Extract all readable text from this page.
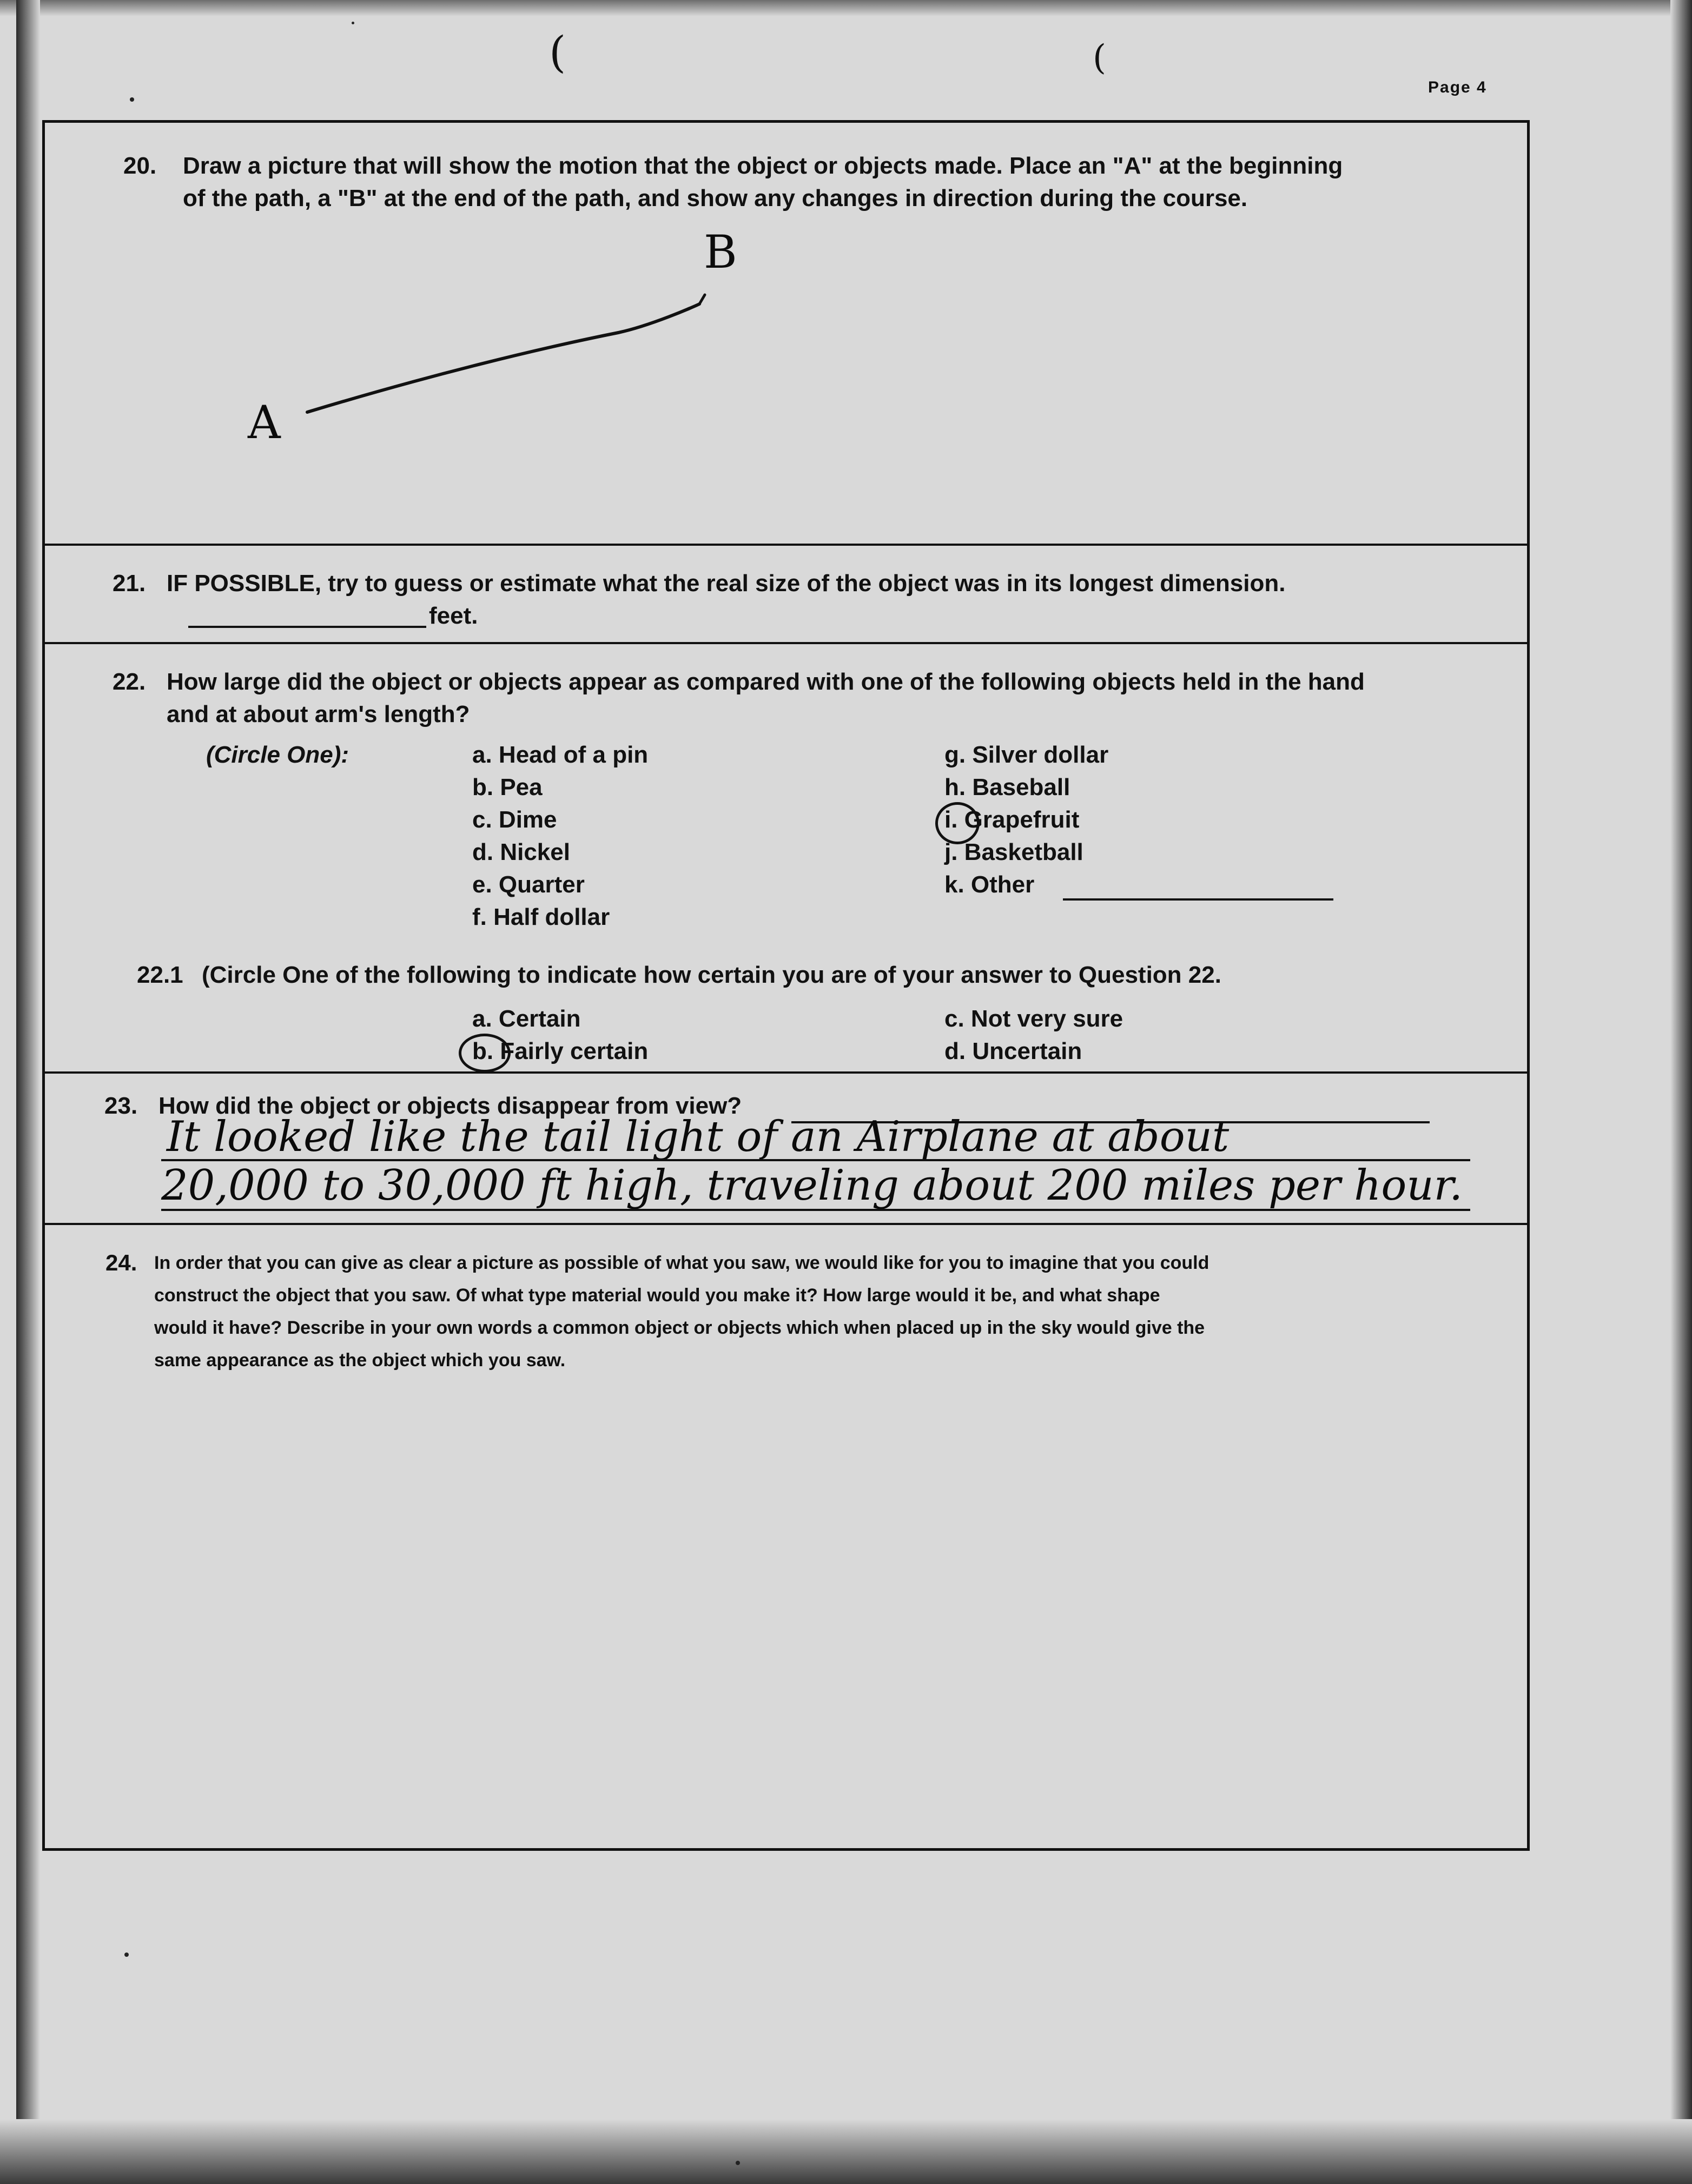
(	(
Page 4
20. Draw a picture that will show the motion that the object or objects made. Place an "A" at the beginning
of the path, a "B" at the end of the path, and show any changes in direction during the course.
A
B
21. IF POSSIBLE, try to guess or estimate what the real size of the object was in its longest dimension.
feet.
22. How large did the object or objects appear as compared with one of the following objects held in the hand
and at about arm's length?
(Circle One):	a. Head of a pin
b. Pea
c. Dime
d. Nickel
e. Quarter
f. Half dollar
g. Silver dollar
h. Baseball
i. Grapefruit
j. Basketball
k. Other
22.1 (Circle One of the following to indicate how certain you are of your answer to Question 22.
a. Certain
b. Fairly certain
c. Not very sure
d. Uncertain
23. How did the object or objects disappear from view?
It looked like the tail light of an Airplane at about
20,000 to 30,000 ft high, traveling about 200 miles per hour.
24. In order that you can give as clear a picture as possible of what you saw, we would like for you to imagine that you could
construct the object that you saw. Of what type material would you make it? How large would it be, and what shape
would it have? Describe in your own words a common object or objects which when placed up in the sky would give the
same appearance as the object which you saw.
